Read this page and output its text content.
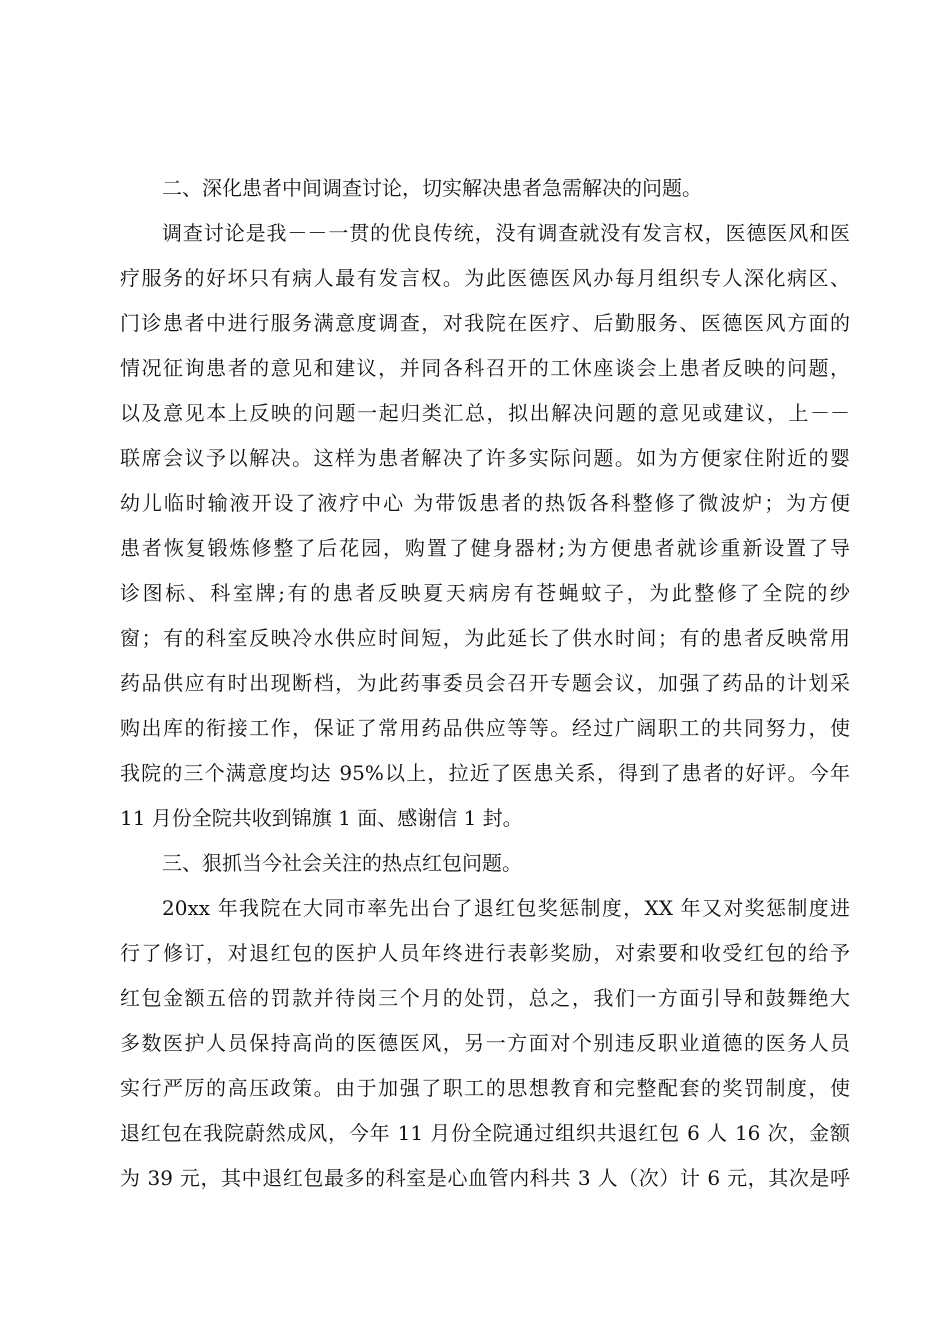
二、深化患者中间调查讨论，切实解决患者急需解决的问题。
调查讨论是我－－一贯的优良传统，没有调查就没有发言权，医德医风和医
疗服务的好坏只有病人最有发言权。为此医德医风办每月组织专人深化病区、
门诊患者中进行服务满意度调查，对我院在医疗、后勤服务、医德医风方面的
情况征询患者的意见和建议，并同各科召开的工休座谈会上患者反映的问题，
以及意见本上反映的问题一起归类汇总，拟出解决问题的意见或建议，上－－
联席会议予以解决。这样为患者解决了许多实际问题。如为方便家住附近的婴
幼儿临时输液开设了液疗中心 为带饭患者的热饭各科整修了微波炉；为方便
患者恢复锻炼修整了后花园，购置了健身器材;为方便患者就诊重新设置了导
诊图标、科室牌;有的患者反映夏天病房有苍蝇蚊子，为此整修了全院的纱
窗；有的科室反映冷水供应时间短，为此延长了供水时间；有的患者反映常用
药品供应有时出现断档，为此药事委员会召开专题会议，加强了药品的计划采
购出库的衔接工作，保证了常用药品供应等等。经过广阔职工的共同努力，使
我院的三个满意度均达 95%以上，拉近了医患关系，得到了患者的好评。今年
11 月份全院共收到锦旗 1 面、感谢信 1 封。
三、狠抓当今社会关注的热点红包问题。
20xx 年我院在大同市率先出台了退红包奖惩制度，XX 年又对奖惩制度进
行了修订，对退红包的医护人员年终进行表彰奖励，对索要和收受红包的给予
红包金额五倍的罚款并待岗三个月的处罚，总之，我们一方面引导和鼓舞绝大
多数医护人员保持高尚的医德医风，另一方面对个别违反职业道德的医务人员
实行严厉的高压政策。由于加强了职工的思想教育和完整配套的奖罚制度，使
退红包在我院蔚然成风，今年 11 月份全院通过组织共退红包 6 人 16 次，金额
为 39 元，其中退红包最多的科室是心血管内科共 3 人（次）计 6 元，其次是呼
